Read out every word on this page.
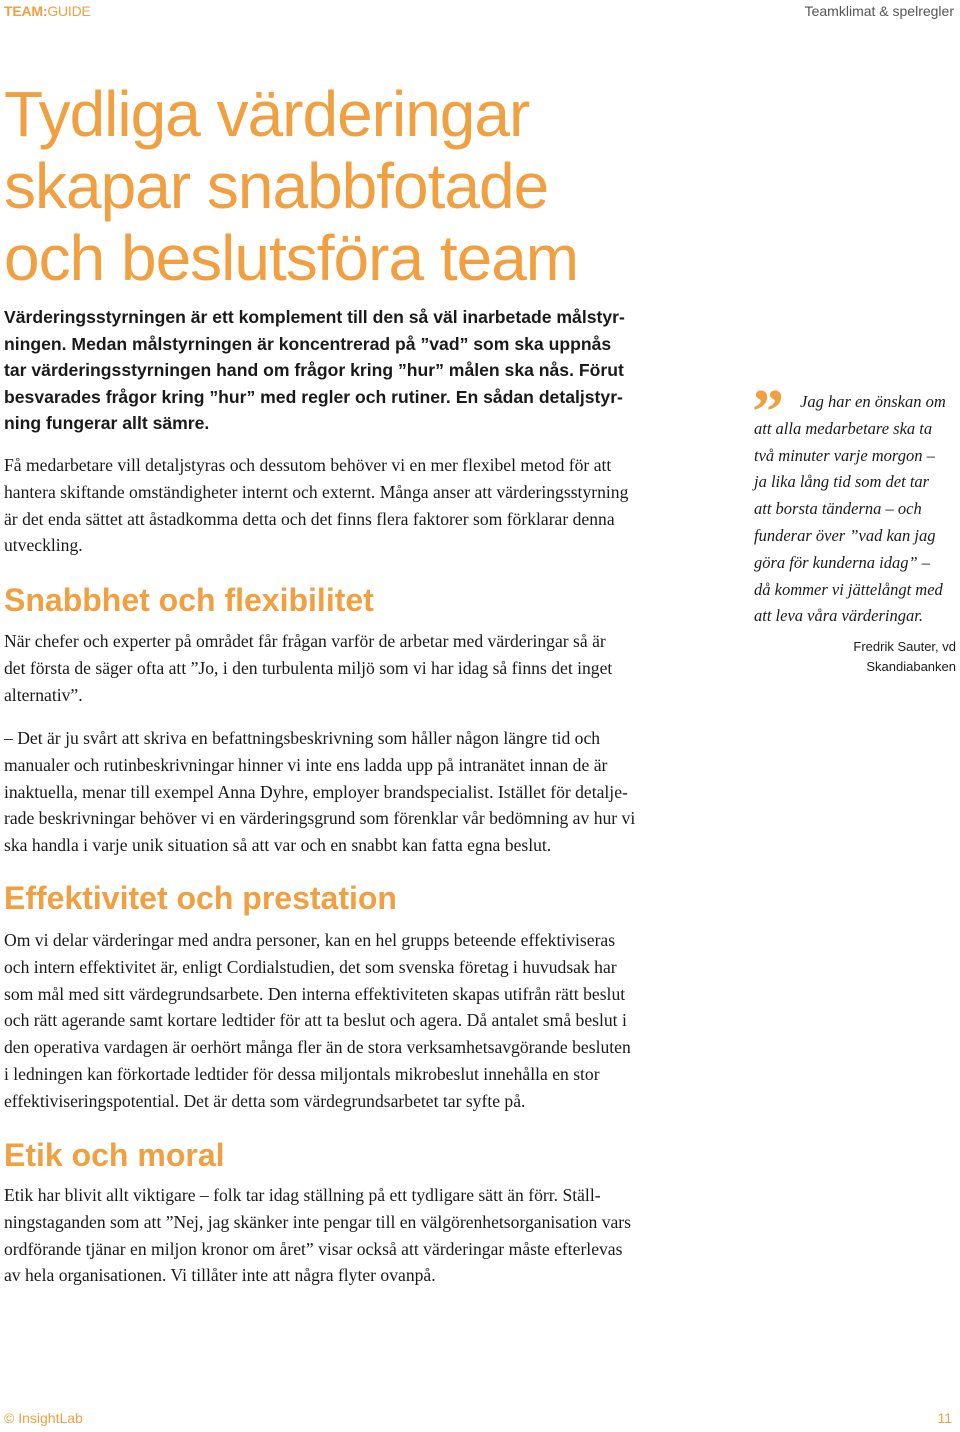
TEAM:GUIDE	Teamklimat & spelregler
Tydliga värderingar
skapar snabbfotade
och beslutsföra team
Värderingsstyrningen är ett komplement till den så väl inarbetade målstyr-
ningen. Medan målstyrningen är koncentrerad på ”vad” som ska uppnås
tar värderingsstyrningen hand om frågor kring ”hur” målen ska nås. Förut
besvarades frågor kring ”hur” med regler och rutiner. En sådan detaljstyr-
ning fungerar allt sämre.
Få medarbetare vill detaljstyras och dessutom behöver vi en mer flexibel metod för att
hantera skiftande omständigheter internt och externt. Många anser att värderingsstyrning
är det enda sättet att åstadkomma detta och det finns flera faktorer som förklarar denna
utveckling.
Snabbhet och flexibilitet
När chefer och experter på området får frågan varför de arbetar med värderingar så är
det första de säger ofta att ”Jo, i den turbulenta miljö som vi har idag så finns det inget
alternativ”.
– Det är ju svårt att skriva en befattningsbeskrivning som håller någon längre tid och
manualer och rutinbeskrivningar hinner vi inte ens ladda upp på intranätet innan de är
inaktuella, menar till exempel Anna Dyhre, employer brandspecialist. Istället för detalje-
rade beskrivningar behöver vi en värderingsgrund som förenklar vår bedömning av hur vi
ska handla i varje unik situation så att var och en snabbt kan fatta egna beslut.
Effektivitet och prestation
Om vi delar värderingar med andra personer, kan en hel grupps beteende effektiviseras
och intern effektivitet är, enligt Cordialstudien, det som svenska företag i huvudsak har
som mål med sitt värdegrundsarbete. Den interna effektiviteten skapas utifrån rätt beslut
och rätt agerande samt kortare ledtider för att ta beslut och agera. Då antalet små beslut i
den operativa vardagen är oerhört många fler än de stora verksamhetsavgörande besluten
i ledningen kan förkortade ledtider för dessa miljontals mikrobeslut innehålla en stor
effektiviseringspotential. Det är detta som värdegrundsarbetet tar syfte på.
Etik och moral
Etik har blivit allt viktigare – folk tar idag ställning på ett tydligare sätt än förr. Ställ-
ningstaganden som att ”Nej, jag skänker inte pengar till en välgörenhetsorganisation vars
ordförande tjänar en miljon kronor om året” visar också att värderingar måste efterlevas
av hela organisationen. Vi tillåter inte att några flyter ovanpå.
” Jag har en önskan om
att alla medarbetare ska ta
två minuter varje morgon –
ja lika lång tid som det tar
att borsta tänderna – och
funderar över ”vad kan jag
göra för kunderna idag” –
då kommer vi jättelångt med
att leva våra värderingar.
Fredrik Sauter, vd
Skandiabanken
© InsightLab	11
